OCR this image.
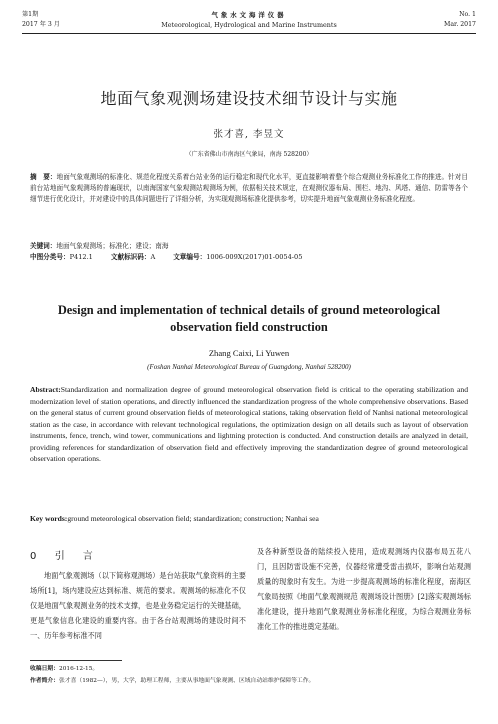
第1期
2017 年 3 月
气象水文海洋仪器
Meteorological, Hydrological and Marine Instruments
No. 1
Mar. 2017
地面气象观测场建设技术细节设计与实施
张才喜, 李昱文
（广东省佛山市南海区气象局，南海 528200）
摘　要：地面气象观测场的标准化、规范化程度关系着台站业务的运行稳定和现代化水平，更直接影响着整个综合观测业务标准化工作的推进。针对目前台站地面气象观测场的普遍现状，以南海国家气象观测站观测场为例，依据相关技术规定，在观测仪器布局、围栏、地沟、风塔、通信、防雷等各个细节进行优化设计，并对建设中的具体问题进行了详细分析，为实现观测场标准化提供参考，切实提升地面气象观测业务标准化程度。
关键词：地面气象观测场；标准化；建设；南海
中图分类号：P412.1	文献标识码：A	文章编号：1006-009X(2017)01-0054-05
Design and implementation of technical details of ground meteorological observation field construction
Zhang Caixi, Li Yuwen
(Foshan Nanhai Meteorological Bureau of Guangdong, Nanhai 528200)
Abstract:Standardization and normalization degree of ground meteorological observation field is critical to the operating stabilization and modernization level of station operations, and directly influenced the standardization progress of the whole comprehensive observations. Based on the general status of current ground observation fields of meteorological stations, taking observation field of Nanhsi national meteorological station as the case, in accordance with relevant technological regulations, the optimization design on all details such as layout of observation instruments, fence, trench, wind tower, communications and lightning protection is conducted. And construction details are analyzed in detail, providing references for standardization of observation field and effectively improving the standardization degree of ground meteorological observation operations.
Key words:ground meteorological observation field; standardization; construction; Nanhai sea
0 引　言
地面气象观测场（以下简称观测场）是台站获取气象资料的主要场所[1]，场内建设应达到标准、规范的要求。观测场的标准化不仅仅是地面气象观测业务的技术支撑，也是业务稳定运行的关键基础，更是气象信息化建设的重要内容。由于各台站观测场的建设时间不一、历年参考标准不同
及各种新型设备的陆续投入使用，造成观测场内仪器布局五花八门，且因防雷设施不完善，仪器经常遭受雷击损坏，影响台站观测质量的现象时有发生。为进一步提高观测场的标准化程度，南海区气象局按照《地面气象观测规范 观测场设计图册》[2]落实观测场标准化建设，提升地面气象观测业务标准化程度，为综合观测业务标准化工作的推进奠定基础。
收稿日期：2016-12-15。
作者简介：张才喜（1982—），男，大学，助理工程师，主要从事地面气象观测、区域自动站维护保障等工作。
